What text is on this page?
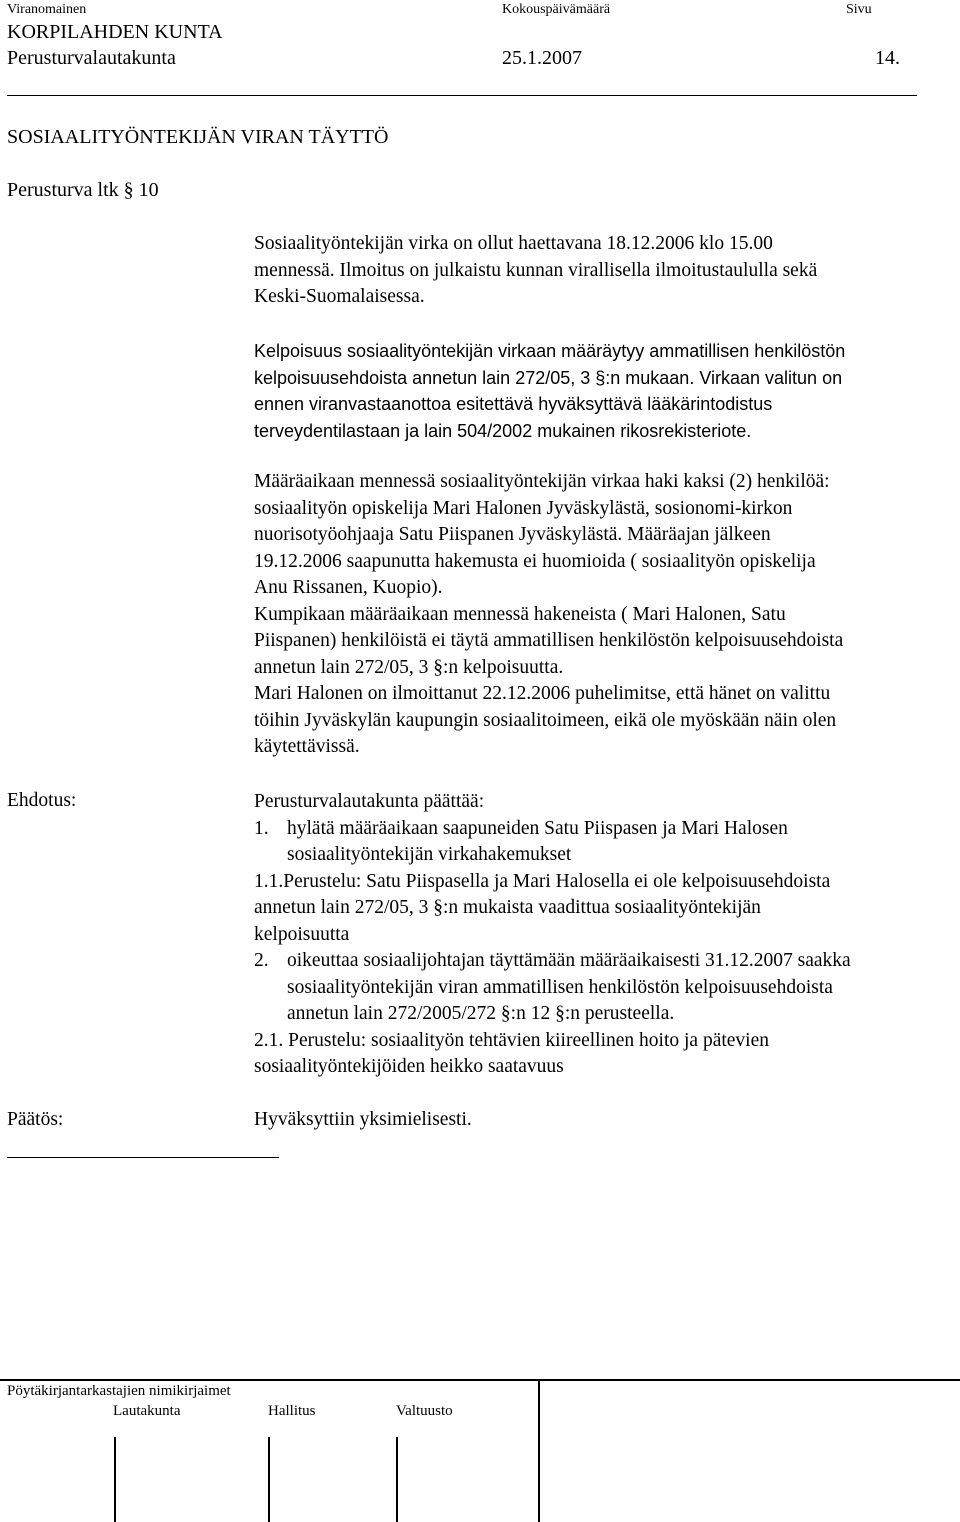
Viranomainen	Kokouspäivämäärä	Sivu
KORPILAHDEN KUNTA
Perusturvalautakunta	25.1.2007	14.
SOSIAALITYÖNTEKIJÄN VIRAN TÄYTTÖ
Perusturva ltk § 10
Sosiaalityöntekijän virka on ollut haettavana 18.12.2006 klo 15.00
mennessä. Ilmoitus on julkaistu kunnan virallisella ilmoitustaululla sekä
Keski-Suomalaisessa.
Kelpoisuus sosiaalityöntekijän virkaan määräytyy ammatillisen henkilöstön
kelpoisuusehdoista annetun lain 272/05, 3 §:n mukaan. Virkaan valitun on
ennen viranvastaanottoa esitettävä hyväksyttävä lääkärintodistus
terveydentilastaan ja lain 504/2002 mukainen rikosrekisteriote.
Määräaikaan mennessä sosiaalityöntekijän virkaa haki kaksi (2) henkilöä:
sosiaalityön opiskelija Mari Halonen Jyväskylästä, sosionomi-kirkon
nuorisotyöohjaaja Satu Piispanen Jyväskylästä. Määräajan jälkeen
19.12.2006 saapunutta hakemusta ei huomioida ( sosiaalityön opiskelija
Anu Rissanen, Kuopio).
Kumpikaan määräaikaan mennessä hakeneista ( Mari Halonen, Satu
Piispanen) henkilöistä ei täytä ammatillisen henkilöstön kelpoisuusehdoista
annetun lain 272/05, 3 §:n kelpoisuutta.
Mari Halonen on ilmoittanut 22.12.2006 puhelimitse, että hänet on valittu
töihin Jyväskylän kaupungin sosiaalitoimeen, eikä ole myöskään näin olen
käytettävissä.
Ehdotus:	Perusturvalautakunta päättää:
1. hylätä määräaikaan saapuneiden Satu Piispasen ja Mari Halosen
sosiaalityöntekijän virkahakemukset
1.1.Perustelu: Satu Piispasella ja Mari Halosella ei ole kelpoisuusehdoista
annetun lain 272/05, 3 §:n mukaista vaadittua sosiaalityöntekijän
kelpoisuutta
2. oikeuttaa sosiaalijohtajan täyttämään määräaikaisesti 31.12.2007 saakka
sosiaalityöntekijän viran ammatillisen henkilöstön kelpoisuusehdoista
annetun lain 272/2005/272 §:n 12 §:n perusteella.
2.1. Perustelu: sosiaalityön tehtävien kiireellinen hoito ja pätevien
sosiaalityöntekijöiden heikko saatavuus
Päätös:	Hyväksyttiin yksimielisesti.
Pöytäkirjantarkastajien nimikirjaimet
Lautakunta	Hallitus	Valtuusto
